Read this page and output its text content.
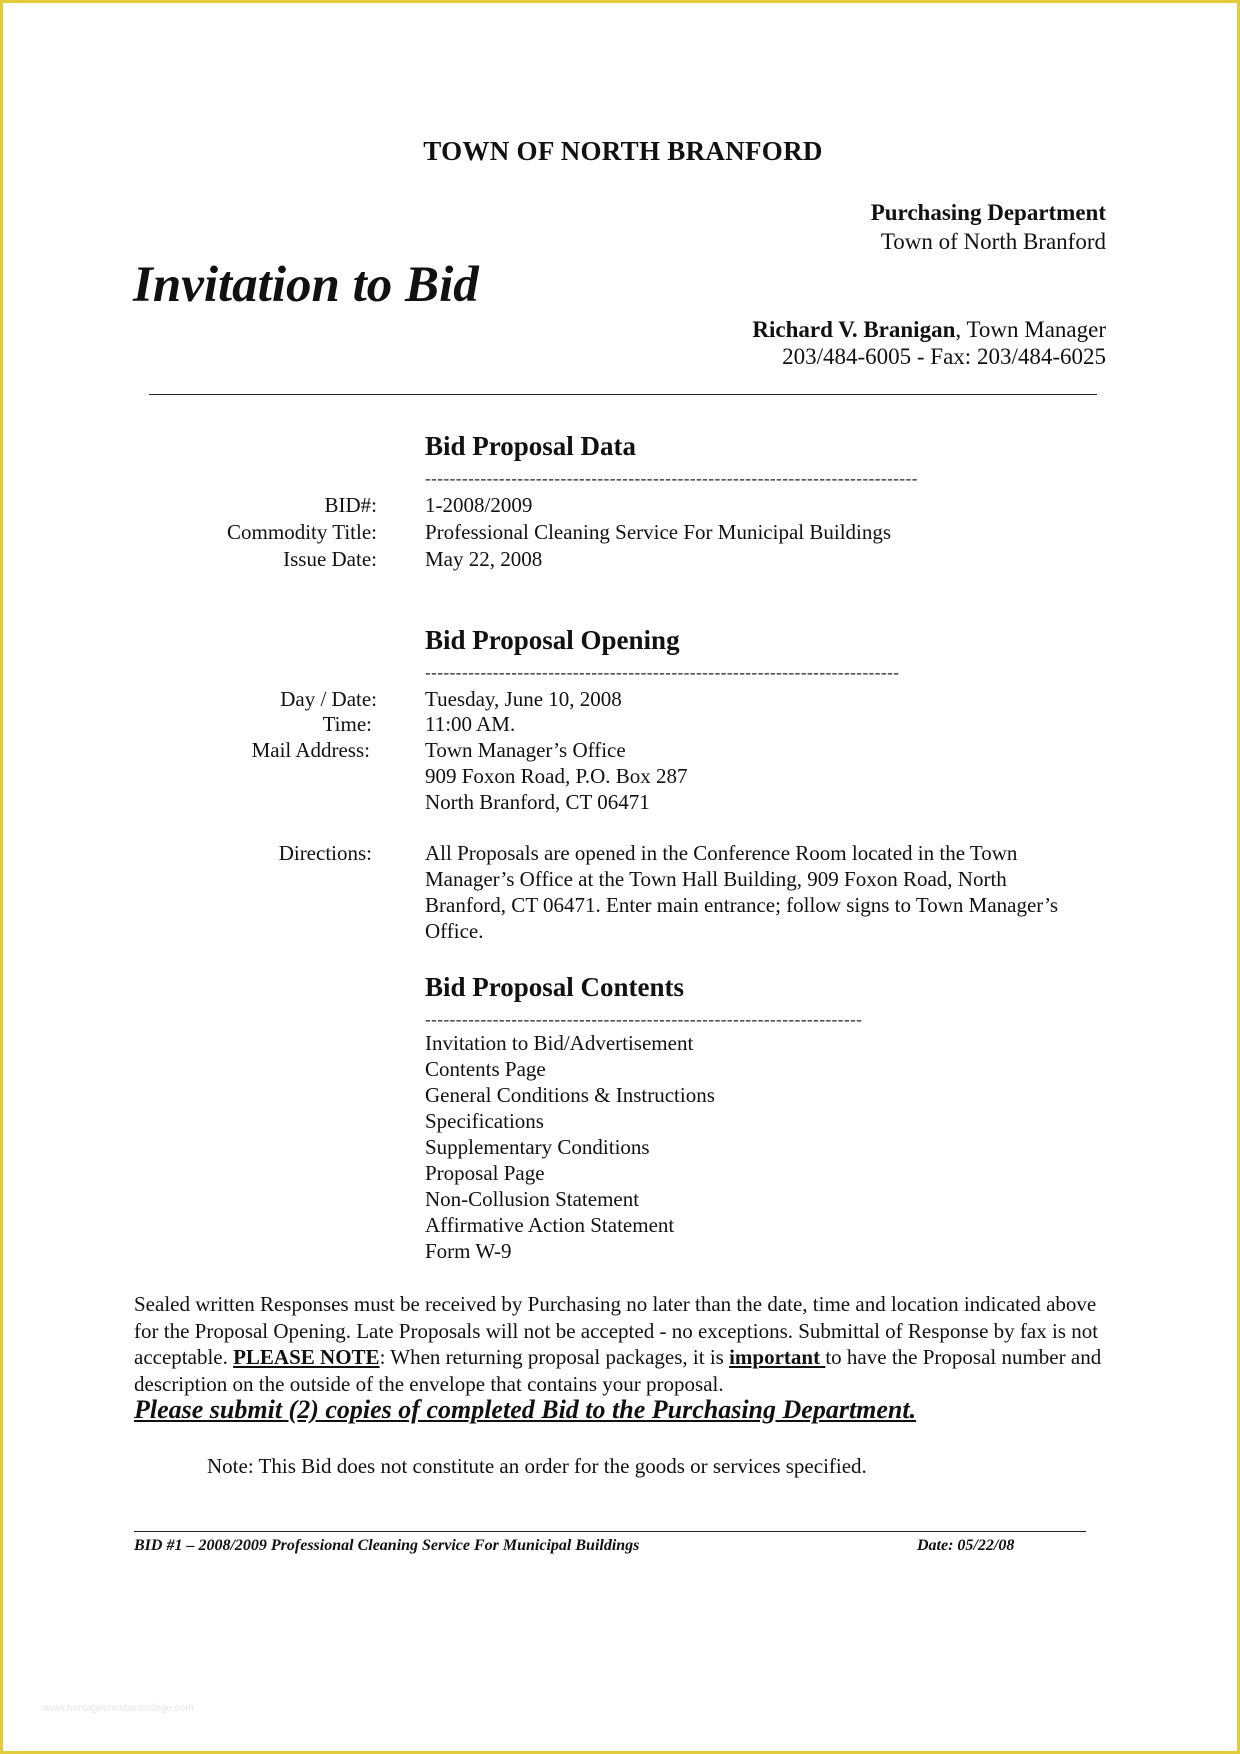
TOWN OF NORTH BRANFORD
Purchasing Department
Town of North Branford
Invitation to Bid
Richard V. Branigan, Town Manager
203/484-6005 - Fax: 203/484-6025
Bid Proposal Data
--------------------------------------------------------------------------------
BID#: 1-2008/2009
Commodity Title: Professional Cleaning Service For Municipal Buildings
Issue Date: May 22, 2008
Bid Proposal Opening
-----------------------------------------------------------------------------
Day / Date: Tuesday, June 10, 2008
Time:	11:00 AM.
Mail Address:	Town Manager’s Office
909 Foxon Road, P.O. Box 287
North Branford, CT 06471
Directions:	All Proposals are opened in the Conference Room located in the Town
Manager’s Office at the Town Hall Building, 909 Foxon Road, North
Branford, CT 06471. Enter main entrance; follow signs to Town Manager’s
Office.
Bid Proposal Contents
-----------------------------------------------------------------------
Invitation to Bid/Advertisement
Contents Page
General Conditions & Instructions
Specifications
Supplementary Conditions
Proposal Page
Non-Collusion Statement
Affirmative Action Statement
Form W-9
Sealed written Responses must be received by Purchasing no later than the date, time and location indicated above for the Proposal Opening. Late Proposals will not be accepted - no exceptions. Submittal of Response by fax is not acceptable. PLEASE NOTE: When returning proposal packages, it is important to have the Proposal number and description on the outside of the envelope that contains your proposal.
Please submit (2) copies of completed Bid to the Purchasing Department.
Note: This Bid does not constitute an order for the goods or services specified.
BID #1 – 2008/2009 Professional Cleaning Service For Municipal Buildings	Date: 05/22/08
www.heritagechristiancollege.com
